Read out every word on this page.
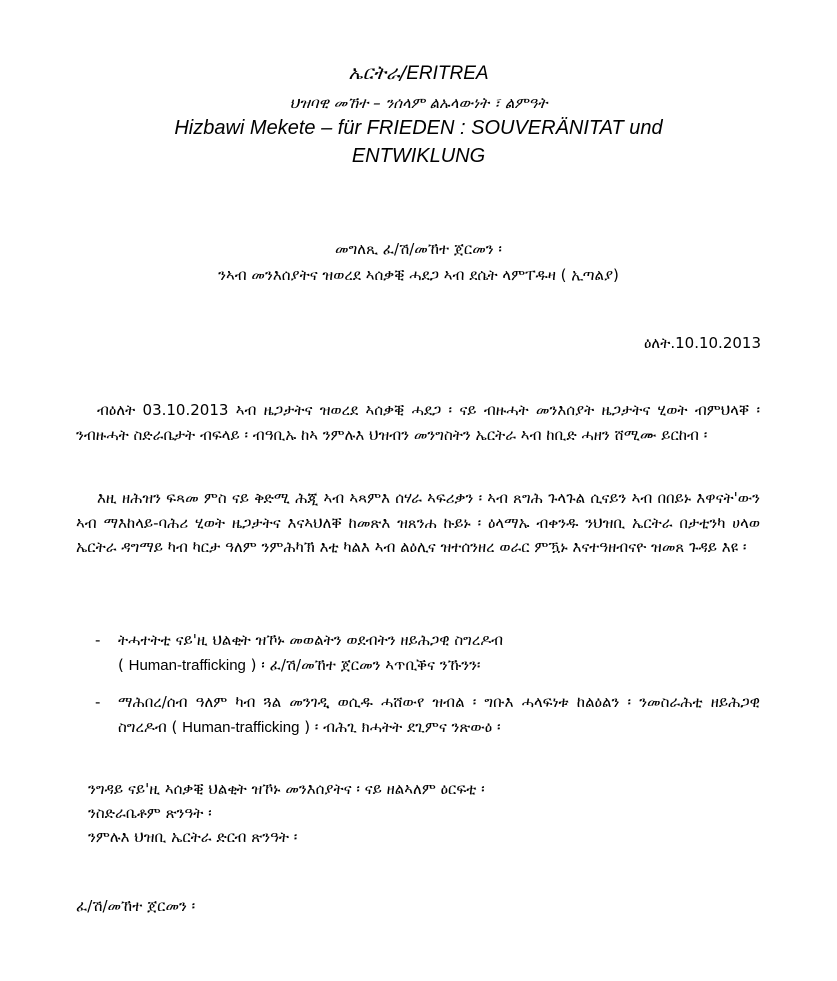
ኤርትራ/ERITREA
ህዝባዊ መኸተ – ንሰላም ልኡላውነት ፣ ልምዓት
Hizbawi Mekete – für FRIEDEN : SOUVERÄNITAT und
ENTWIKLUNG
መግለጺ ፈ/ሽ/መኸተ ጀርመን ፡
ንኣብ መንእሰያትና ዝወረደ ኣሰቃቒ ሓደጋ ኣብ ደሴት ላምፐዱዛ ( ኢጣልያ)
ዕለት.10.10.2013
ብዕለት 03.10.2013 ኣብ ዜጋታትና ዝወረደ ኣሰቃቒ ሓደጋ ፡ ናይ ብዙሓት መንእሰያት ዜጋታትና ሂወት ብምህላቐ ፡ ንብዙሓት ስድራቤታት ብፍላይ ፡ ብዓቢኡ ከኣ ንምሉእ ህዝብን መንግስትን ኤርትራ ኣብ ከቢድ ሓዘን ሸሚሙ ይርከብ ፡
እዚ ዘሕዝን ፍጻመ ምስ ናይ ቅድሚ ሕጂ ኣብ ኣጻምእ ሰሃራ ኣፍሪቃን ፡ ኣብ ጸግሕ ጉላጉል ሲናይን ኣብ በበይኑ እዋናት'ውን ኣብ ማእከላይ-ባሕሪ ሂወት ዜጋታትና እናኣህለቐ ከመጽእ ዝጸንሐ ኩይኑ ፡ ዕላማኡ ብቀንዱ ንህዝቢ ኤርትራ በታቲንካ ሀላወ ኤርትራ ዳግማይ ካብ ካርታ ዓለም ንምሕካኽ እቲ ካልእ ኣብ ልዕሊና ዝተሰንዘረ ወራር ምዃኑ እናተዓዘብናዮ ዝመጸ ጉዳይ እዩ ፡
- ትሓተትቲ ናይ'ዚ ህልቂት ዝኾኑ መወልትን ወደብትን ዘይሕጋዊ ስግረዶብ
( Human-trafficking ) ፡ ፈ/ሽ/መኸተ ጀርመን ኣጥቢቕና ንኹንን፡
- ማሕበረ/ሰብ ዓለም ካብ ጓል መንገዲ ወሲዱ ሓሸውየ ዝብል ፡ ግቡእ ሓላፍነቱ ከልዕልን ፡ ንመስራሕቲ ዘይሕጋዊ ስግረዶብ ( Human-trafficking ) ፡ ብሕጊ ክሓትት ደጊምና ንጽውዕ ፡
ንግዳይ ናይ'ዚ ኣሰቃቒ ህልቂት ዝኾኑ መንእሰያትና ፡ ናይ ዘልኣለም ዕርፍቲ ፡
ንስድራቤቶም ጽንዓት ፡
ንምሉእ ህዝቢ ኤርትራ ድርብ ጽንዓት ፡
ፈ/ሽ/መኸተ ጀርመን ፡
